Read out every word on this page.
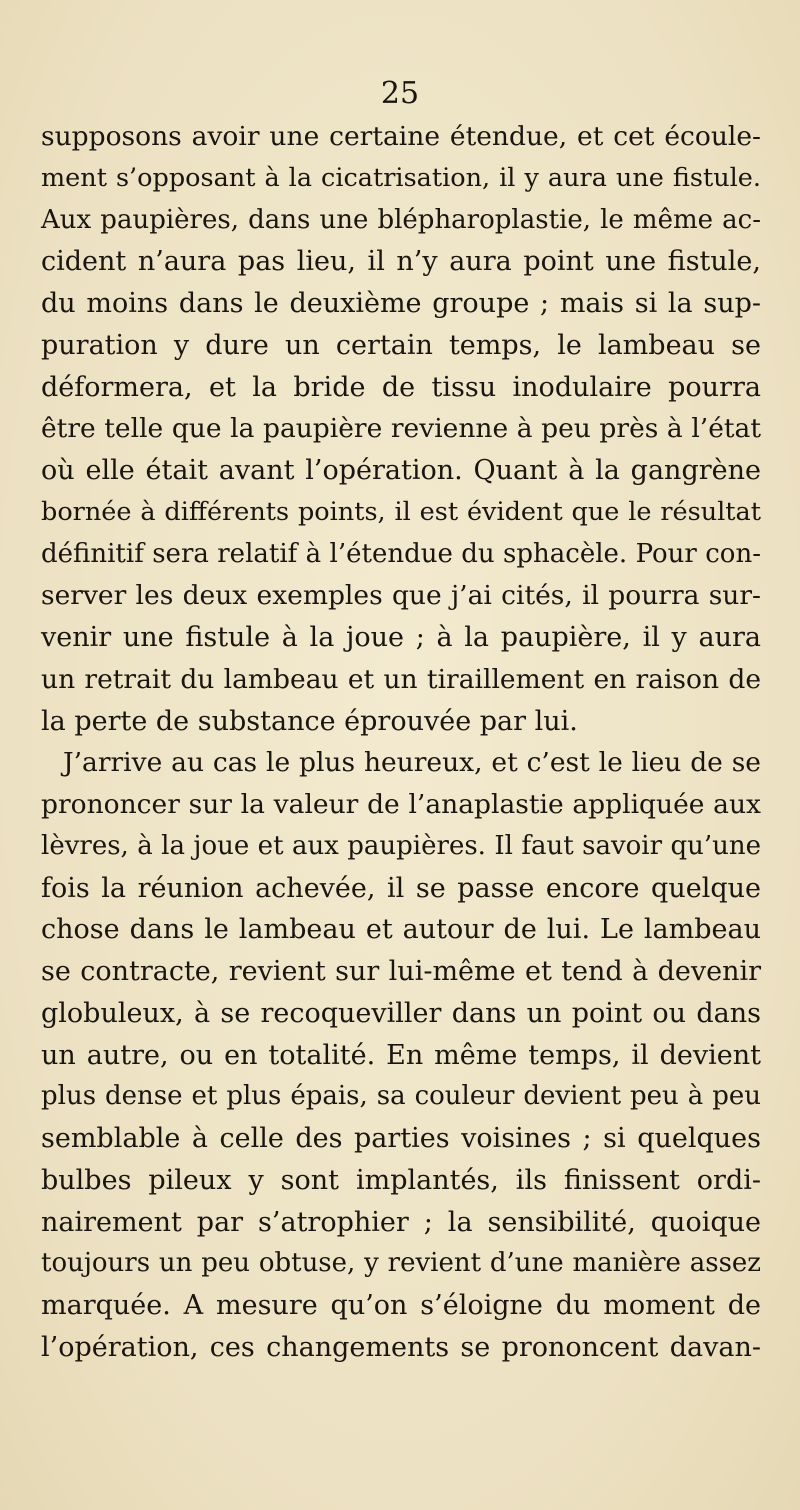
25
supposons avoir une certaine étendue, et cet écoule-
ment s’opposant à la cicatrisation, il y aura une fistule.
Aux paupières, dans une blépharoplastie, le même ac-
cident n’aura pas lieu, il n’y aura point une fistule,
du moins dans le deuxième groupe ; mais si la sup-
puration y dure un certain temps, le lambeau se
déformera, et la bride de tissu inodulaire pourra
être telle que la paupière revienne à peu près à l’état
où elle était avant l’opération. Quant à la gangrène
bornée à différents points, il est évident que le résultat
définitif sera relatif à l’étendue du sphacèle. Pour con-
server les deux exemples que j’ai cités, il pourra sur-
venir une fistule à la joue ; à la paupière, il y aura
un retrait du lambeau et un tiraillement en raison de
la perte de substance éprouvée par lui.
J’arrive au cas le plus heureux, et c’est le lieu de se
prononcer sur la valeur de l’anaplastie appliquée aux
lèvres, à la joue et aux paupières. Il faut savoir qu’une
fois la réunion achevée, il se passe encore quelque
chose dans le lambeau et autour de lui. Le lambeau
se contracte, revient sur lui-même et tend à devenir
globuleux, à se recoqueviller dans un point ou dans
un autre, ou en totalité. En même temps, il devient
plus dense et plus épais, sa couleur devient peu à peu
semblable à celle des parties voisines ; si quelques
bulbes pileux y sont implantés, ils finissent ordi-
nairement par s’atrophier ; la sensibilité, quoique
toujours un peu obtuse, y revient d’une manière assez
marquée. A mesure qu’on s’éloigne du moment de
l’opération, ces changements se prononcent davan-
